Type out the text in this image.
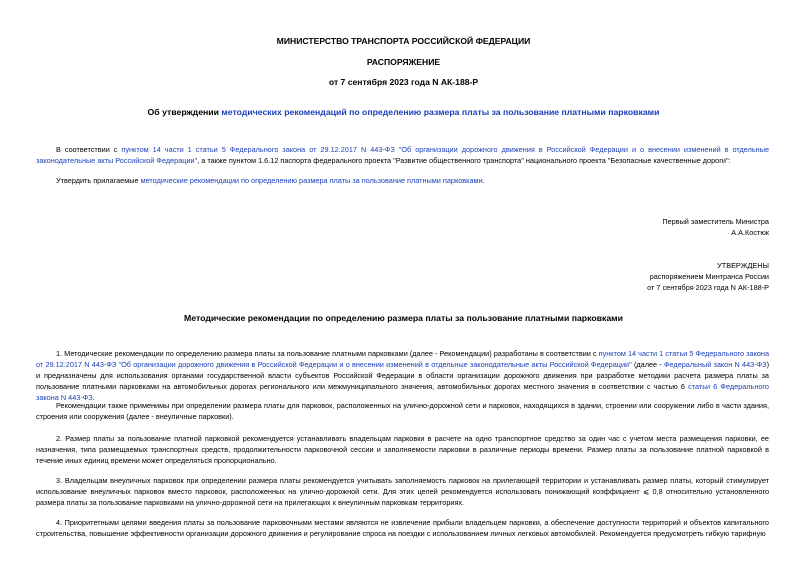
МИНИСТЕРСТВО ТРАНСПОРТА РОССИЙСКОЙ ФЕДЕРАЦИИ
РАСПОРЯЖЕНИЕ
от 7 сентября 2023 года N АК-188-Р
Об утверждении методических рекомендаций по определению размера платы за пользование платными парковками
В соответствии с пунктом 14 части 1 статьи 5 Федерального закона от 29.12.2017 N 443-ФЗ "Об организации дорожного движения в Российской Федерации и о внесении изменений в отдельные законодательные акты Российской Федерации", а также пунктом 1.6.12 паспорта федерального проекта "Развитие общественного транспорта" национального проекта "Безопасные качественные дороги":
Утвердить прилагаемые методические рекомендации по определению размера платы за пользование платными парковками.
Первый заместитель Министра
А.А.Костюк
УТВЕРЖДЕНЫ
распоряжением Минтранса России
от 7 сентября 2023 года N АК-188-Р
Методические рекомендации по определению размера платы за пользование платными парковками
1. Методические рекомендации по определению размера платы за пользование платными парковками (далее - Рекомендации) разработаны в соответствии с пунктом 14 части 1 статьи 5 Федерального закона от 29.12.2017 N 443-ФЗ "Об организации дорожного движения в Российской Федерации и о внесении изменений в отдельные законодательные акты Российской Федерации" (далее - Федеральный закон N 443-ФЗ) и предназначены для использования органами государственной власти субъектов Российской Федерации в области организации дорожного движения при разработке методики расчета размера платы за пользование платными парковками на автомобильных дорогах регионального или межмуниципального значения, автомобильных дорогах местного значения в соответствии с частью 6 статьи 6 Федерального закона N 443-ФЗ.
Рекомендации также применимы при определении размера платы для парковок, расположенных на улично-дорожной сети и парковок, находящихся в здании, строении или сооружении либо в части здания, строения или сооружения (далее - внеуличные парковки).
2. Размер платы за пользование платной парковкой рекомендуется устанавливать владельцам парковки в расчете на одно транспортное средство за один час с учетом места размещения парковки, ее назначения, типа размещаемых транспортных средств, продолжительности парковочной сессии и заполняемости парковки в различные периоды времени. Размер платы за пользование платной парковкой в течение иных единиц времени может определяться пропорционально.
3. Владельцам внеуличных парковок при определении размера платы рекомендуется учитывать заполняемость парковок на прилегающей территории и устанавливать размер платы, который стимулирует использование внеуличных парковок вместо парковок, расположенных на улично-дорожной сети. Для этих целей рекомендуется использовать понижающий коэффициент ⩽ 0,8 относительно установленного размера платы за пользование парковками на улично-дорожной сети на прилегающих к внеуличным парковкам территориях.
4. Приоритетными целями введения платы за пользование парковочными местами являются не извлечение прибыли владельцем парковки, а обеспечение доступности территорий и объектов капитального строительства, повышение эффективности организации дорожного движения и регулирование спроса на поездки с использованием личных легковых автомобилей. Рекомендуется предусмотреть гибкую тарифную
